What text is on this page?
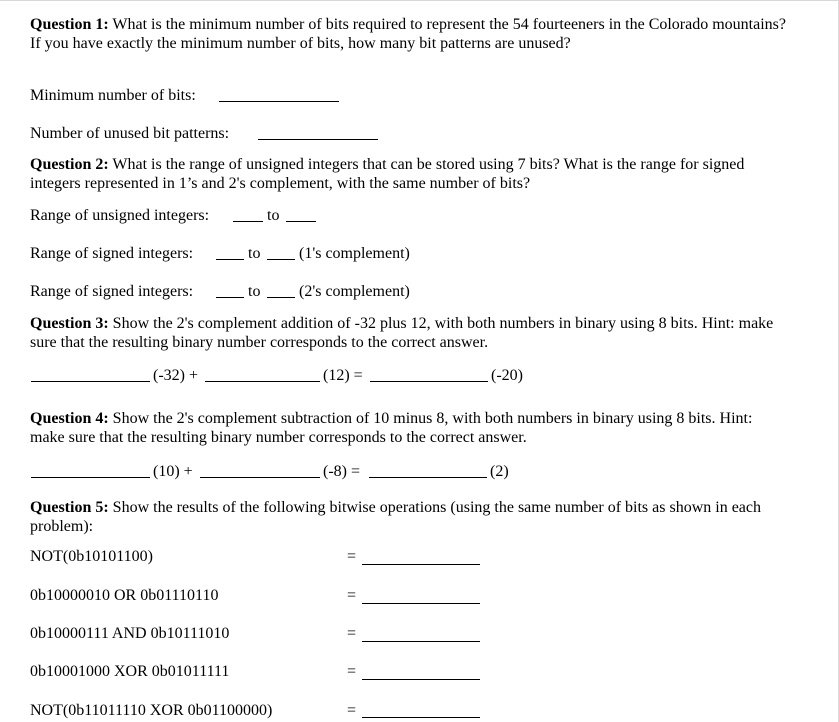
Question 1: What is the minimum number of bits required to represent the 54 fourteeners in the Colorado mountains? If you have exactly the minimum number of bits, how many bit patterns are unused?
Minimum number of bits:
Number of unused bit patterns:
Question 2: What is the range of unsigned integers that can be stored using 7 bits? What is the range for signed integers represented in 1’s and 2's complement, with the same number of bits?
Range of unsigned integers:	to
Range of signed integers:	to (1's complement)
Range of signed integers:	to (2's complement)
Question 3: Show the 2's complement addition of -32 plus 12, with both numbers in binary using 8 bits. Hint: make sure that the resulting binary number corresponds to the correct answer.
(-32) +	(12) =	(-20)
Question 4: Show the 2's complement subtraction of 10 minus 8, with both numbers in binary using 8 bits. Hint: make sure that the resulting binary number corresponds to the correct answer.
(10) +	(-8) =	(2)
Question 5: Show the results of the following bitwise operations (using the same number of bits as shown in each problem):
NOT(0b10101100)	=
0b10000010 OR 0b01110110	=
0b10000111 AND 0b10111010	=
0b10001000 XOR 0b01011111	=
NOT(0b11011110 XOR 0b01100000)	=
